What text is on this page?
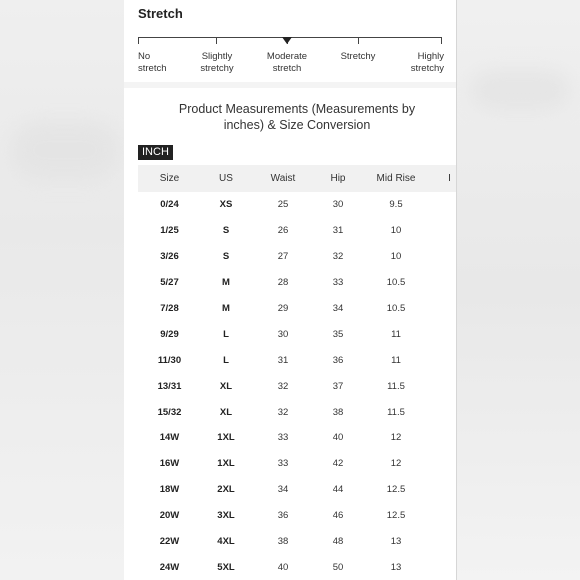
Stretch
No
stretch
Slightly
stretchy
Moderate
stretch
Stretchy	Highly
stretchy
Product Measurements (Measurements by inches) & Size Conversion
INCH
Size	US	Waist	Hip	Mid Rise	I
0/24	XS	25	30	9.5	
1/25	S	26	31	10	
3/26	S	27	32	10	
5/27	M	28	33	10.5	
7/28	M	29	34	10.5	
9/29	L	30	35	11	
11/30	L	31	36	11	
13/31	XL	32	37	11.5	
15/32	XL	32	38	11.5	
14W	1XL	33	40	12	
16W	1XL	33	42	12	
18W	2XL	34	44	12.5	
20W	3XL	36	46	12.5	
22W	4XL	38	48	13	
24W	5XL	40	50	13	
